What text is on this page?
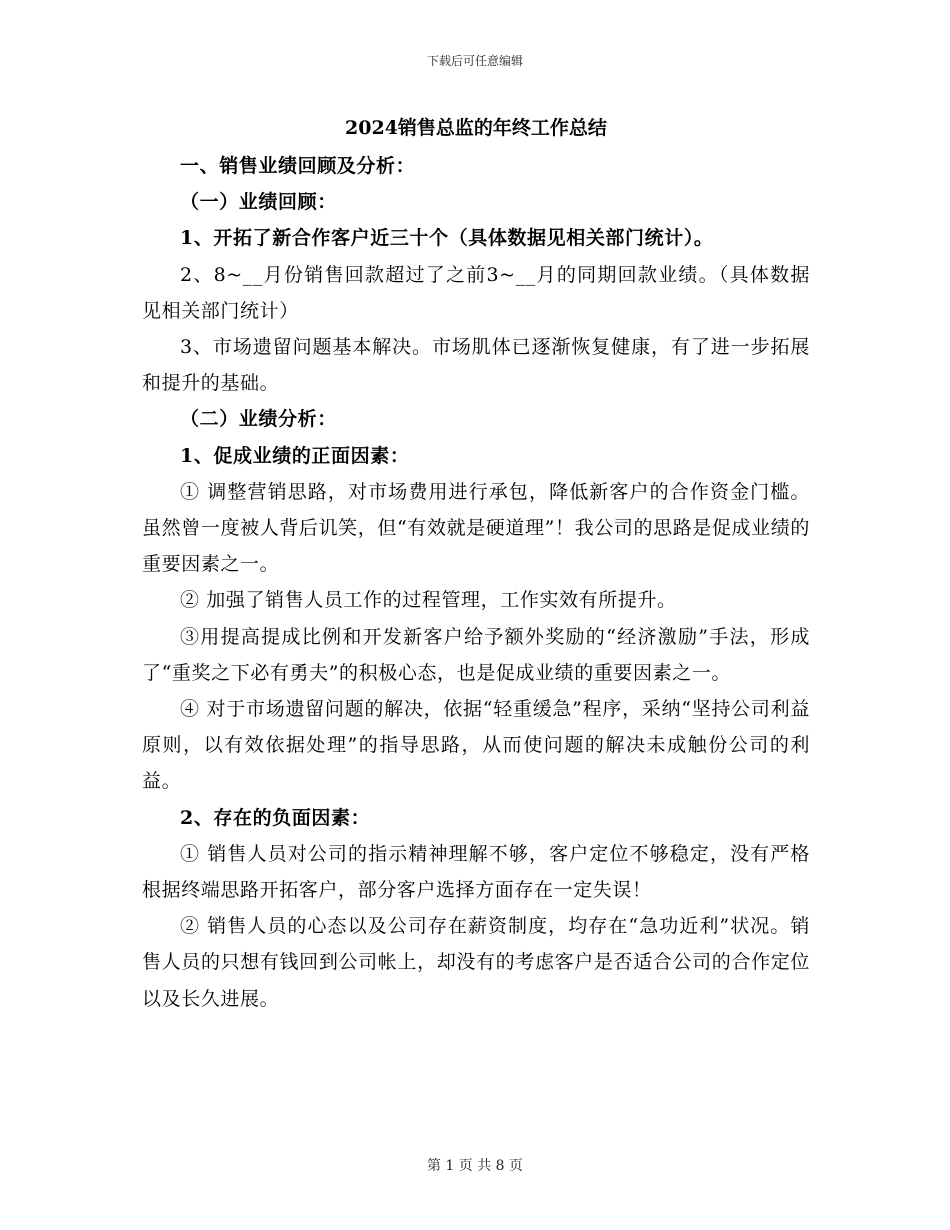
下载后可任意编辑
2024销售总监的年终工作总结

一、销售业绩回顾及分析：

（一）业绩回顾：

1、开拓了新合作客户近三十个（具体数据见相关部门统计）。

2、8~__月份销售回款超过了之前3~__月的同期回款业绩。（具体数据见相关部门统计）

3、市场遗留问题基本解决。市场肌体已逐渐恢复健康，有了进一步拓展和提升的基础。

（二）业绩分析：

1、促成业绩的正面因素：

① 调整营销思路，对市场费用进行承包，降低新客户的合作资金门槛。虽然曾一度被人背后讥笑，但“有效就是硬道理”！我公司的思路是促成业绩的重要因素之一。

② 加强了销售人员工作的过程管理，工作实效有所提升。

③用提高提成比例和开发新客户给予额外奖励的“经济激励”手法，形成了“重奖之下必有勇夫”的积极心态，也是促成业绩的重要因素之一。

④ 对于市场遗留问题的解决，依据“轻重缓急”程序，采纳“坚持公司利益原则，以有效依据处理”的指导思路，从而使问题的解决未成触份公司的利益。

2、存在的负面因素：

① 销售人员对公司的指示精神理解不够，客户定位不够稳定，没有严格根据终端思路开拓客户，部分客户选择方面存在一定失误！

② 销售人员的心态以及公司存在薪资制度，均存在“急功近利”状况。销售人员的只想有钱回到公司帐上，却没有的考虑客户是否适合公司的合作定位以及长久进展。

第 1 页 共 8 页
